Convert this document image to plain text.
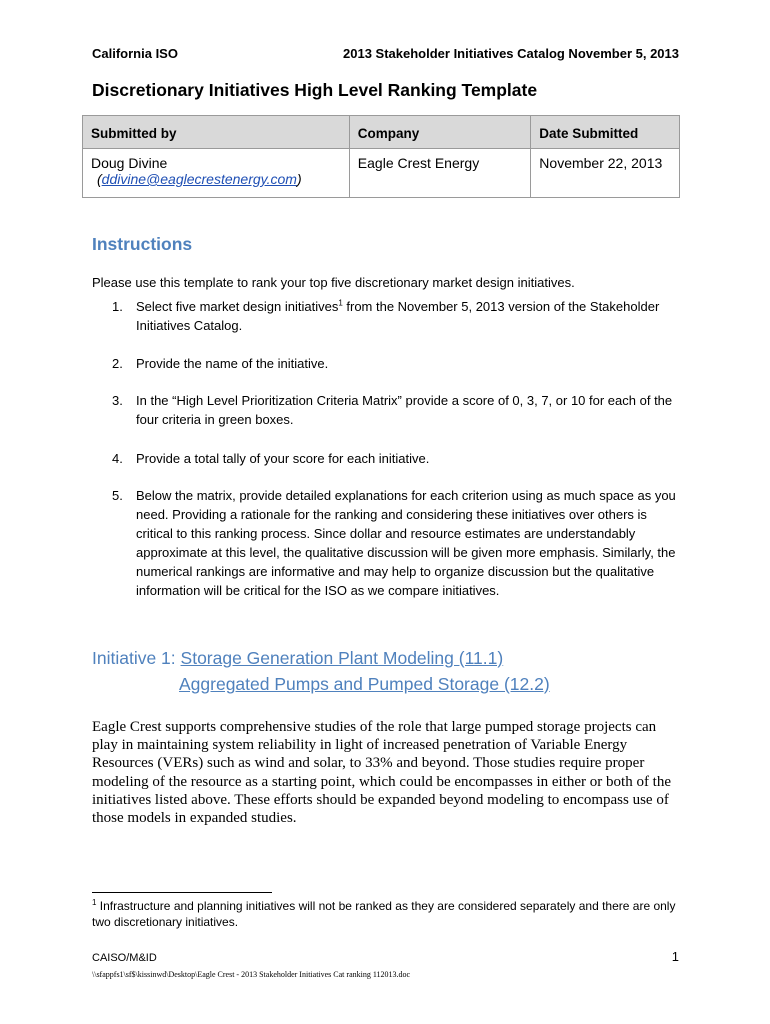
California ISO	2013 Stakeholder Initiatives Catalog November 5, 2013
Discretionary Initiatives High Level Ranking Template
Submitted by	Company	Date Submitted
Doug Divine
(ddivine@eaglecrestenergy.com)	Eagle Crest Energy	November 22, 2013
Instructions
Please use this template to rank your top five discretionary market design initiatives.
1. Select five market design initiatives$^1$ from the November 5, 2013 version of the Stakeholder Initiatives Catalog.
2. Provide the name of the initiative.
3. In the “High Level Prioritization Criteria Matrix” provide a score of 0, 3, 7, or 10 for each of the four criteria in green boxes.
4. Provide a total tally of your score for each initiative.
5. Below the matrix, provide detailed explanations for each criterion using as much space as you need. Providing a rationale for the ranking and considering these initiatives over others is critical to this ranking process. Since dollar and resource estimates are understandably approximate at this level, the qualitative discussion will be given more emphasis. Similarly, the numerical rankings are informative and may help to organize discussion but the qualitative information will be critical for the ISO as we compare initiatives.
Initiative 1: Storage Generation Plant Modeling (11.1)
Aggregated Pumps and Pumped Storage (12.2)
Eagle Crest supports comprehensive studies of the role that large pumped storage projects can play in maintaining system reliability in light of increased penetration of Variable Energy Resources (VERs) such as wind and solar, to 33% and beyond. Those studies require proper modeling of the resource as a starting point, which could be encompasses in either or both of the initiatives listed above. These efforts should be expanded beyond modeling to encompass use of those models in expanded studies.
$^1$ Infrastructure and planning initiatives will not be ranked as they are considered separately and there are only two discretionary initiatives.
CAISO/M&ID	1
\\sfappfs1\sf$\kissinwd\Desktop\Eagle Crest - 2013 Stakeholder Initiatives Cat ranking 112013.doc
